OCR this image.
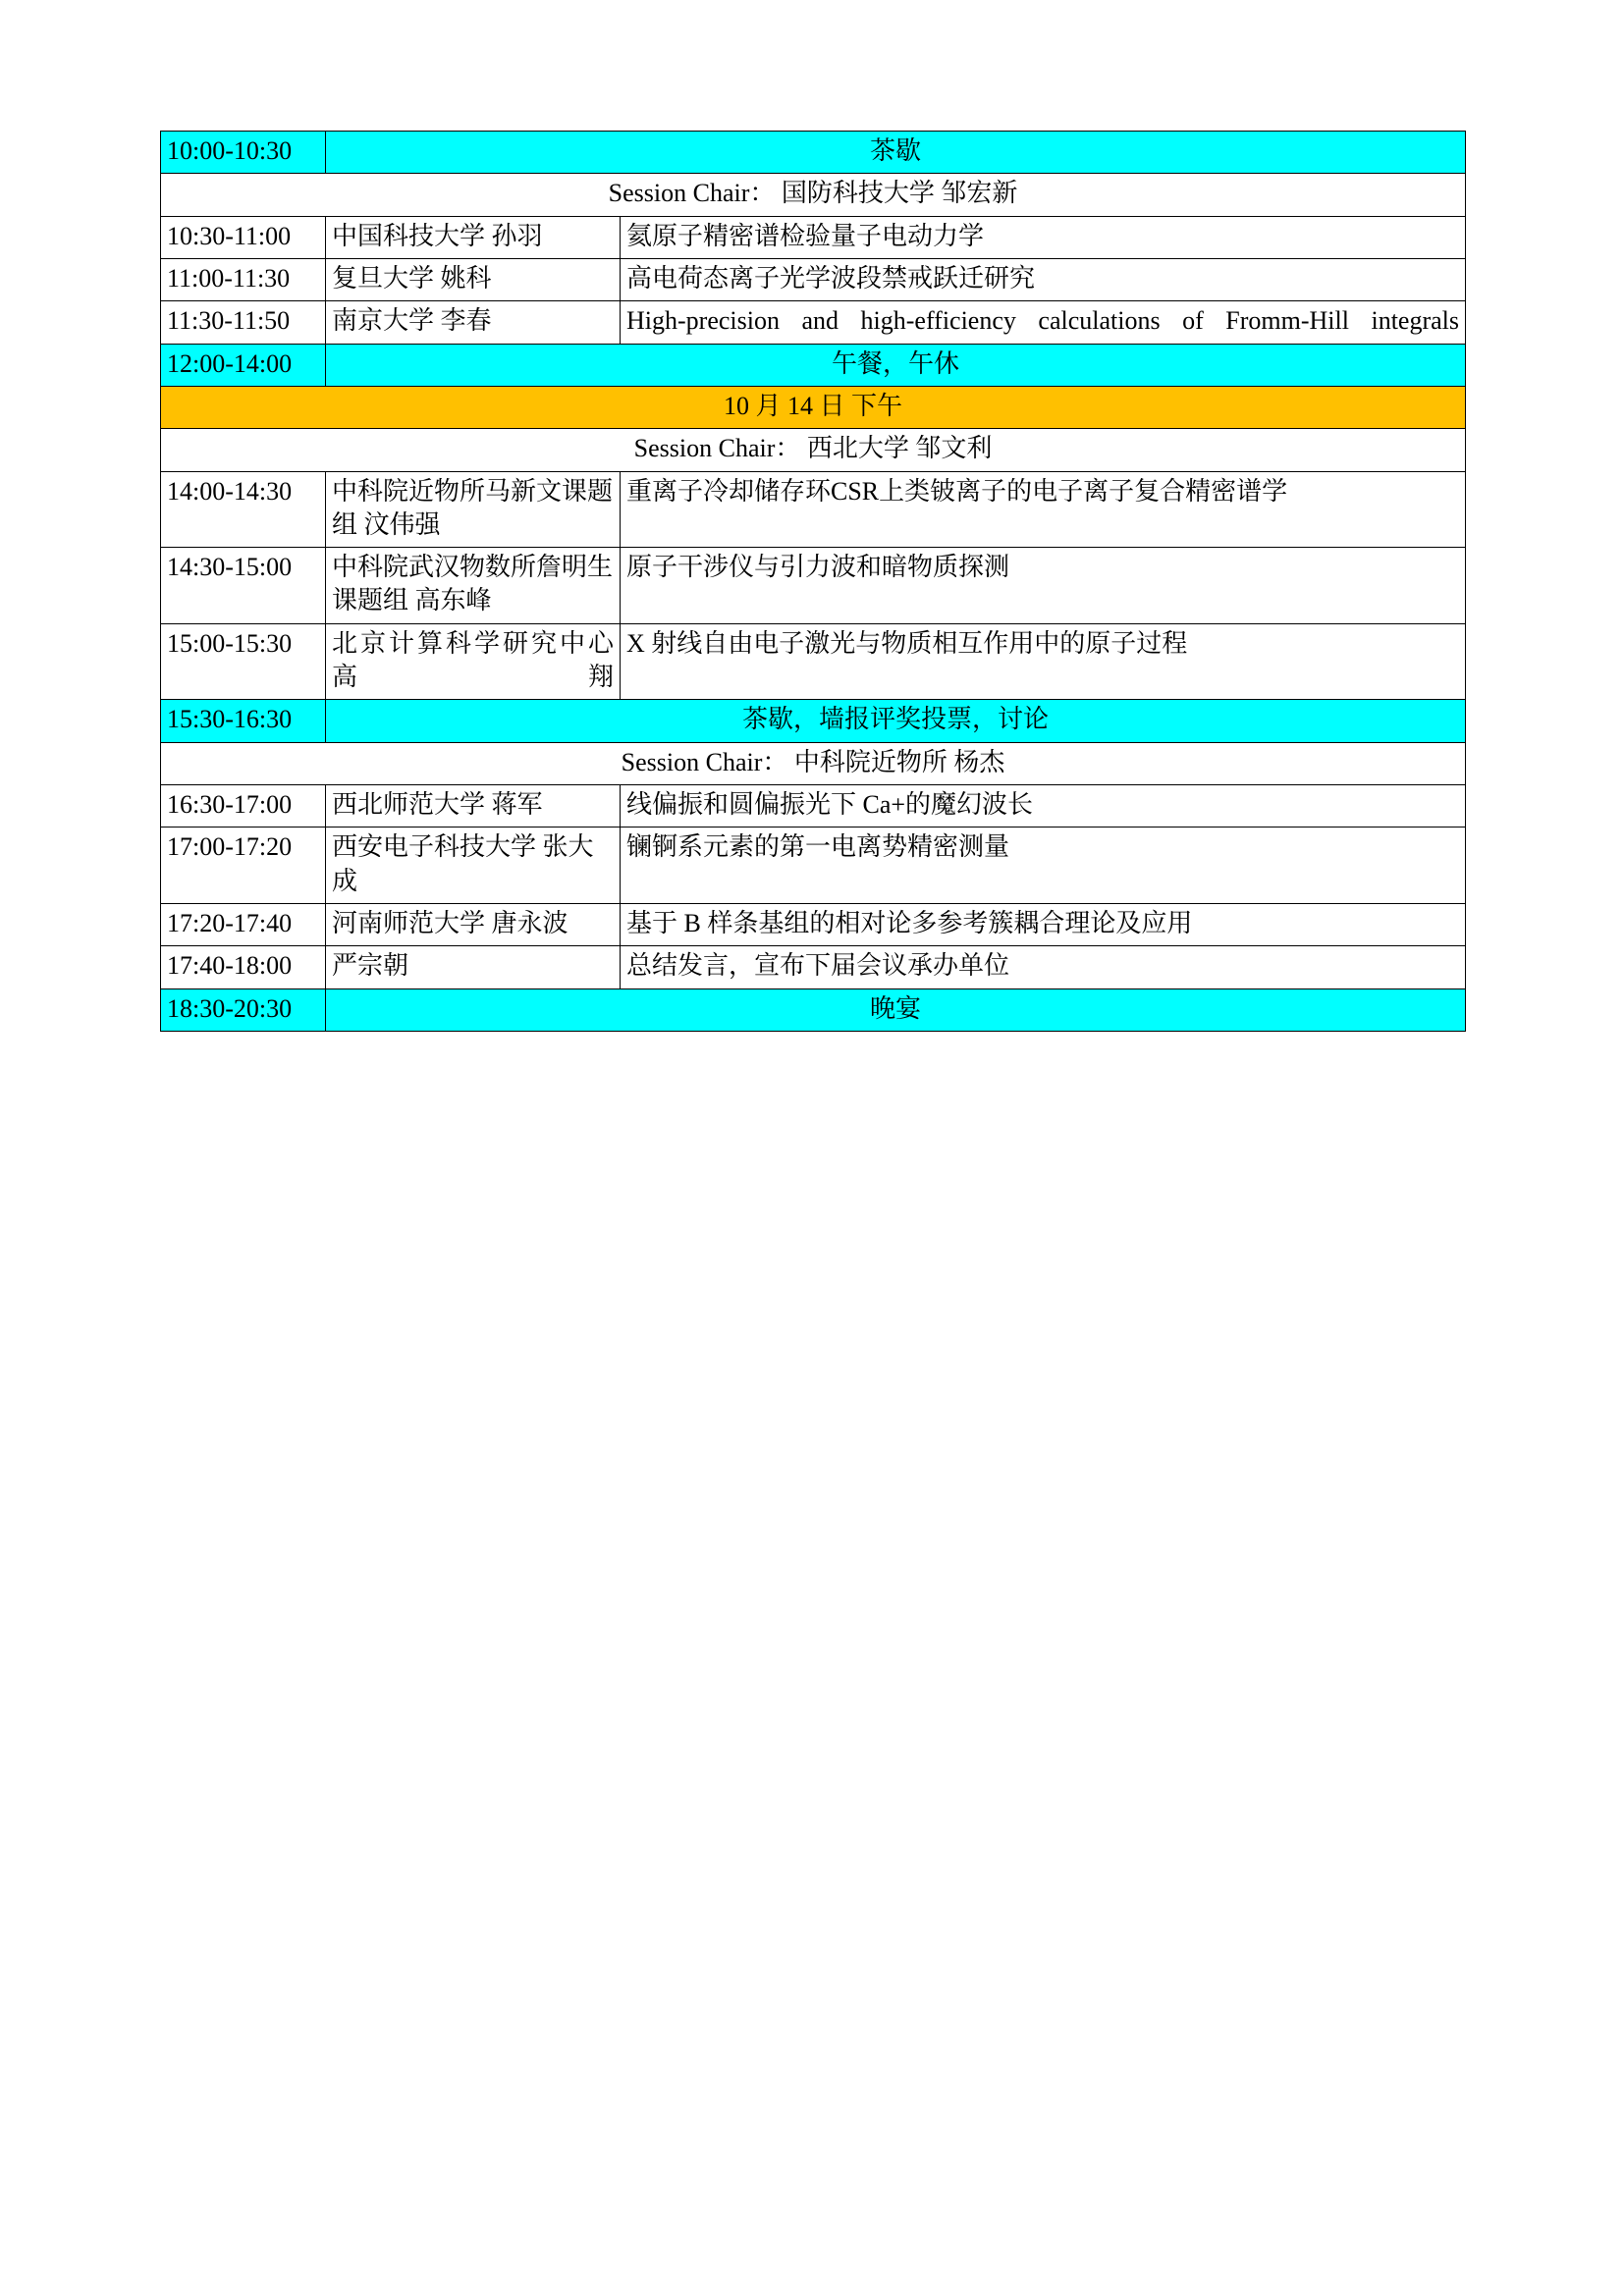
10:00-10:30	茶歇	
Session Chair： 国防科技大学 邹宏新		
10:30-11:00	中国科技大学 孙羽	氦原子精密谱检验量子电动力学
11:00-11:30	复旦大学 姚科	高电荷态离子光学波段禁戒跃迁研究
11:30-11:50	南京大学 李春	High-precision and high-efficiency calculations of Fromm-Hill integrals
12:00-14:00	午餐，午休	
10 月 14 日 下午		
Session Chair： 西北大学 邹文利		
14:00-14:30	中科院近物所马新文课题组 汶伟强	重离子冷却储存环CSR上类铍离子的电子离子复合精密谱学
14:30-15:00	中科院武汉物数所詹明生课题组 高东峰	原子干涉仪与引力波和暗物质探测
15:00-15:30	北京计算科学研究中心 高翔	X 射线自由电子激光与物质相互作用中的原子过程
15:30-16:30	茶歇，墙报评奖投票，讨论	
Session Chair： 中科院近物所 杨杰		
16:30-17:00	西北师范大学 蒋军	线偏振和圆偏振光下 Ca+的魔幻波长
17:00-17:20	西安电子科技大学 张大成	镧锕系元素的第一电离势精密测量
17:20-17:40	河南师范大学 唐永波	基于 B 样条基组的相对论多参考簇耦合理论及应用
17:40-18:00	严宗朝	总结发言，宣布下届会议承办单位
18:30-20:30	晚宴	
